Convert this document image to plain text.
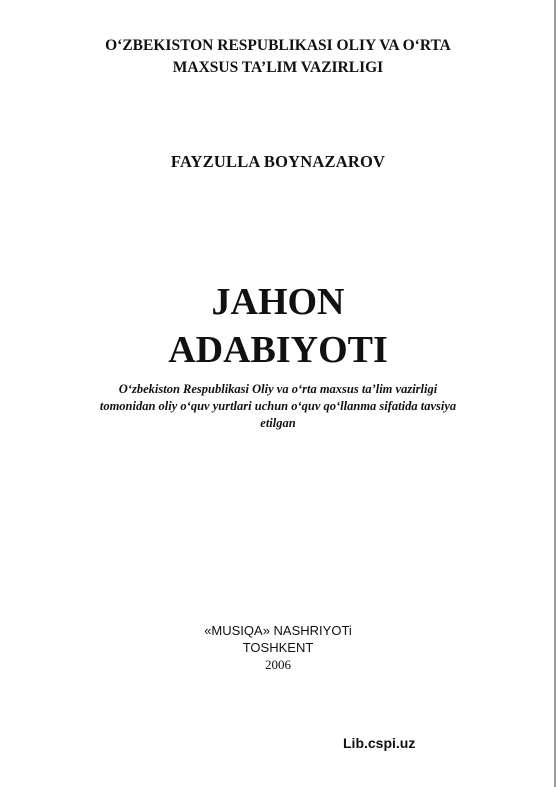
O‘ZBEKISTON RESPUBLIKASI OLIY VA O‘RTA
MAXSUS TA’LIM VAZIRLIGI
FAYZULLA BOYNAZAROV
JAHON
ADABIYOTI
O‘zbekiston Respublikasi Oliy va o‘rta maxsus ta’lim vazirligi
tomonidan oliy o‘quv yurtlari uchun o‘quv qo‘llanma sifatida tavsiya
etilgan
«MUSIQA» NASHRIYOTi
TOSHKENT
2006
Lib.cspi.uz
